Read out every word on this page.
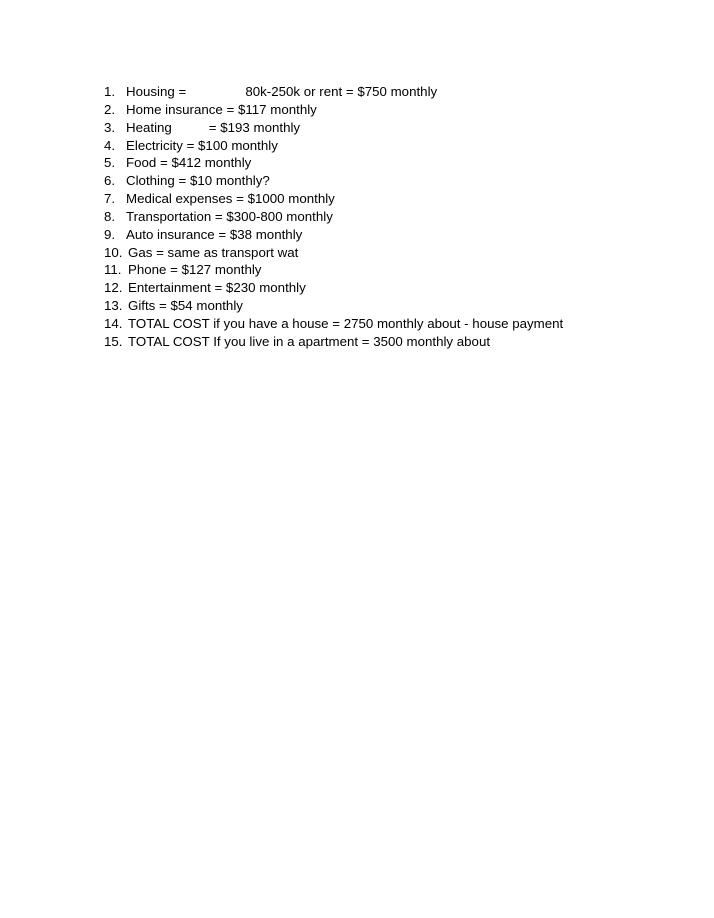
1. Housing =                80k-250k or rent = $750 monthly
2. Home insurance = $117 monthly
3. Heating          = $193 monthly
4. Electricity = $100 monthly
5. Food = $412 monthly
6. Clothing = $10 monthly?
7. Medical expenses = $1000 monthly
8. Transportation = $300-800 monthly
9. Auto insurance = $38 monthly
10. Gas = same as transport wat
11. Phone = $127 monthly
12. Entertainment = $230 monthly
13. Gifts = $54 monthly
14. TOTAL COST if you have a house = 2750 monthly about - house payment
15. TOTAL COST If you live in a apartment = 3500 monthly about
